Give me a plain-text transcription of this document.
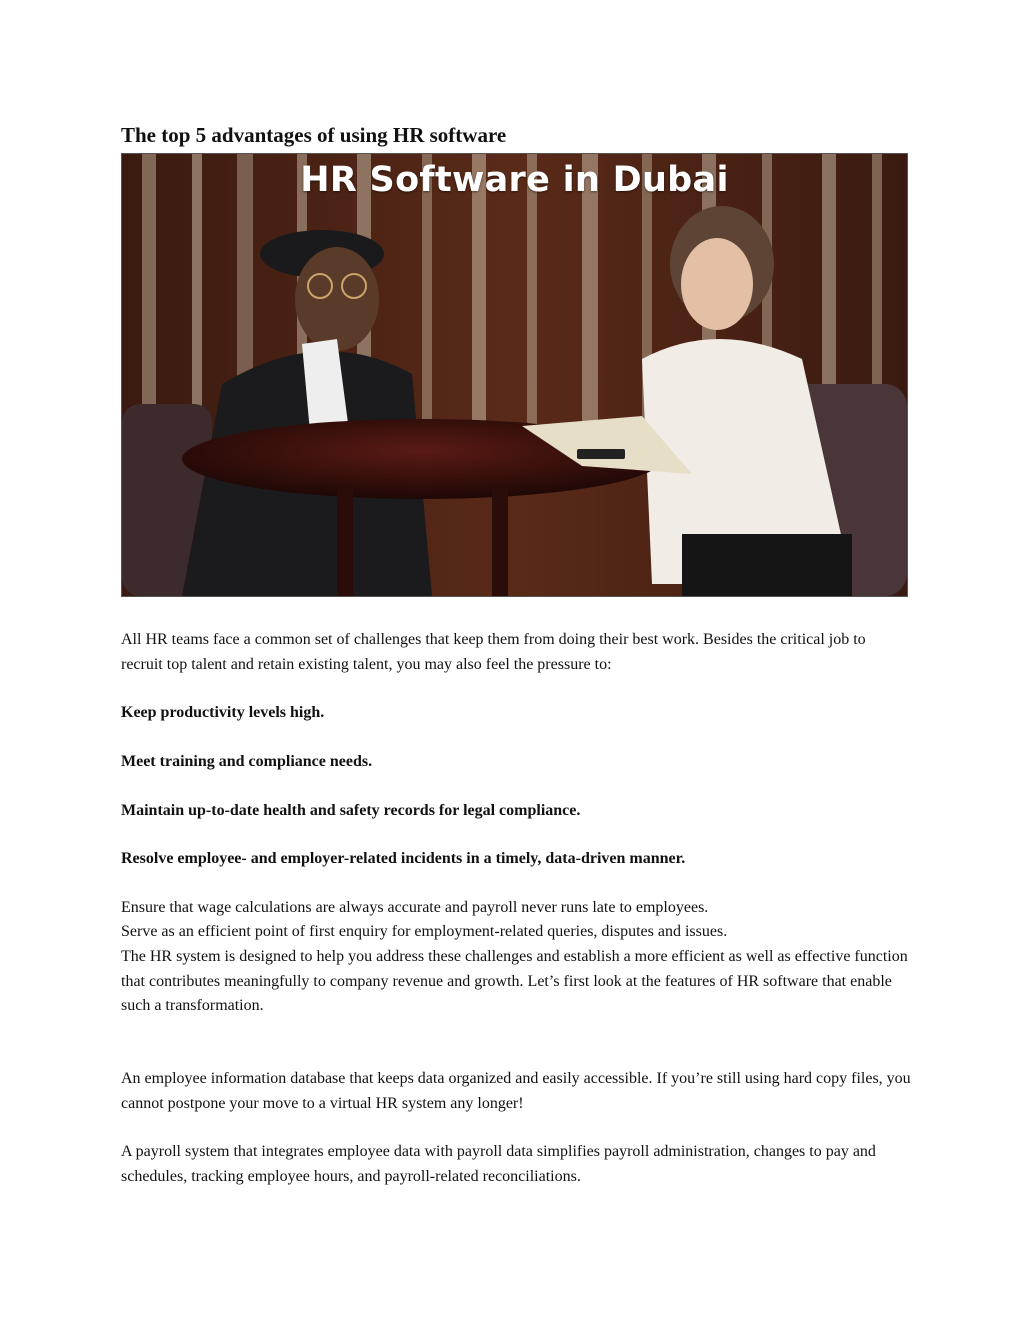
The top 5 advantages of using HR software
HR Software in Dubai

All HR teams face a common set of challenges that keep them from doing their best work. Besides the critical job to recruit top talent and retain existing talent, you may also feel the pressure to:

Keep productivity levels high.

Meet training and compliance needs.

Maintain up-to-date health and safety records for legal compliance.

Resolve employee- and employer-related incidents in a timely, data-driven manner.

Ensure that wage calculations are always accurate and payroll never runs late to employees.

Serve as an efficient point of first enquiry for employment-related queries, disputes and issues.

The HR system is designed to help you address these challenges and establish a more efficient as well as effective function that contributes meaningfully to company revenue and growth. Let’s first look at the features of HR software that enable such a transformation.

An employee information database that keeps data organized and easily accessible. If you’re still using hard copy files, you cannot postpone your move to a virtual HR system any longer!

A payroll system that integrates employee data with payroll data simplifies payroll administration, changes to pay and schedules, tracking employee hours, and payroll-related reconciliations.
